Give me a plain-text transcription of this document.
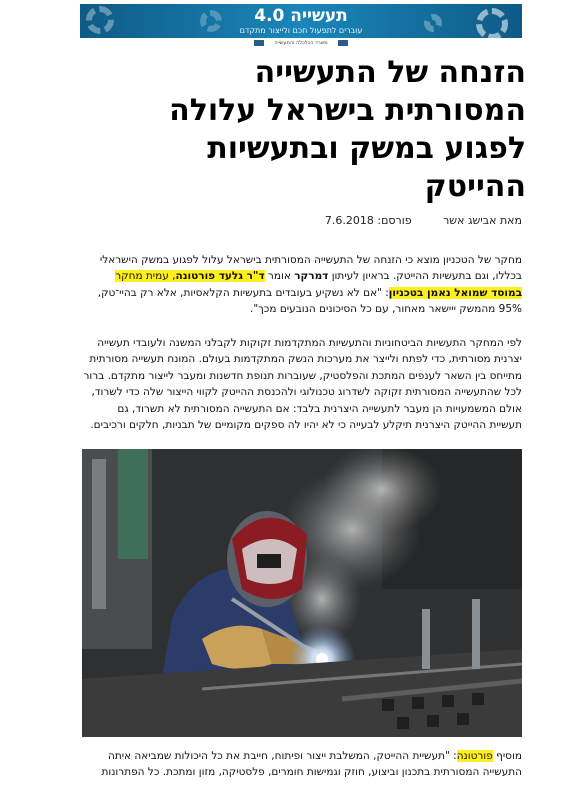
תעשייה 4.0
עוברים לתפעול חכם ולייצור מתקדם
משרד הכלכלה והתעשייה
הזנחה של התעשייה המסורתית בישראל עלולה לפגוע במשק ובתעשיות ההייטק
מאת אבישג אשר פורסם: 7.6.2018

מחקר של הטכניון מוצא כי הזנחה של התעשייה המסורתית בישראל עלול לפגוע במשק הישראלי בכללו, וגם בתעשיות ההייטק. בראיון לעיתון דמרקר אומר ד"ר גלעד פורטונה, עמית מחקר במוסד שמואל נאמן בטכניון: "אם לא נשקיע בעובדים בתעשיות הקלאסיות, אלא רק בהיי־טק, 95% מהמשק ייישאר מאחור, עם כל הסיכונים הנובעים מכך".

לפי המחקר התעשיות הביטחוניות והתעשיות המתקדמות זקוקות לקבלני המשנה ולעובדי תעשייה יצרנית מסורתית, כדי לפתח ולייצר את מערכות הנשק המתקדמות בעולם. המונח תעשייה מסורתית מתייחס בין השאר לענפים המתכת והפלסטיק, שעוברות תנופת חדשנות ומעבר לייצור מתקדם. ברור לכל שהתעשייה המסורתית זקוקה לשדרוג טכנולוגי ולהכנסת ההייטק לקווי הייצור שלה כדי לשרוד, אולם המשמעויות הן מעבר לתעשייה היצרנית בלבד: אם התעשייה המסורתית לא תשרוד, גם תעשיית ההייטק היצרנית תיקלע לבעייה כי לא יהיו לה ספקים מקומיים של תבניות, חלקים ורכיבים.

מוסיף פורטונה: "תעשיית ההייטק, המשלבת ייצור ופיתוח, חייבת את כל היכולות שמביאה איתה התעשייה המסורתית בתכנון וביצוע, חוזק וגמישות חומרים, פלסטיקה, מזון ומתכת. כל הפתרונות
